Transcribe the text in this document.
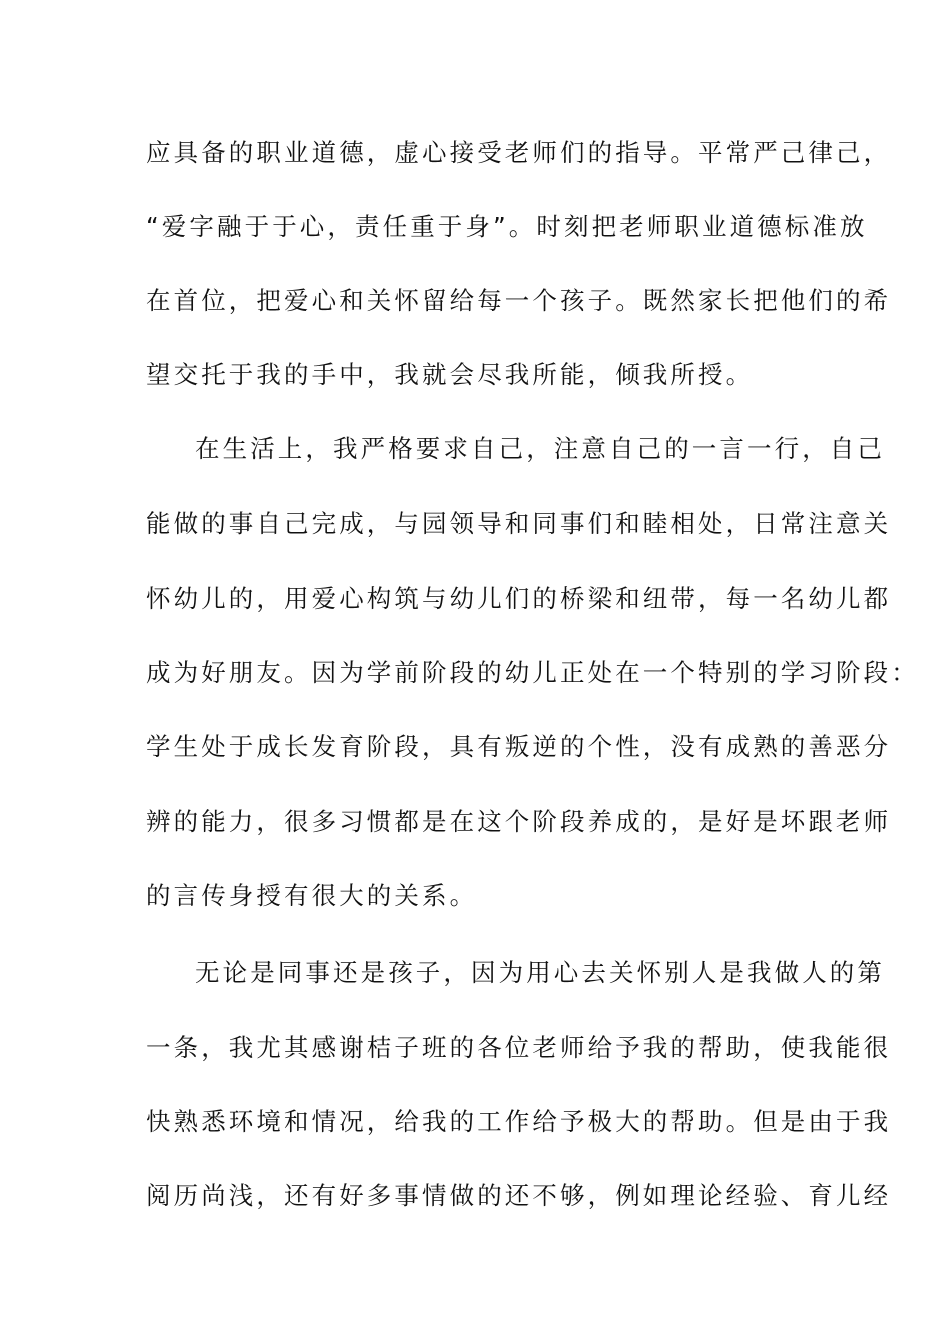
应具备的职业道德，虚心接受老师们的指导。平常严己律己，
“爱字融于于心，责任重于身”。时刻把老师职业道德标准放
在首位，把爱心和关怀留给每一个孩子。既然家长把他们的希
望交托于我的手中，我就会尽我所能，倾我所授。
在生活上，我严格要求自己，注意自己的一言一行，自己
能做的事自己完成，与园领导和同事们和睦相处，日常注意关
怀幼儿的，用爱心构筑与幼儿们的桥梁和纽带，每一名幼儿都
成为好朋友。因为学前阶段的幼儿正处在一个特别的学习阶段：
学生处于成长发育阶段，具有叛逆的个性，没有成熟的善恶分
辨的能力，很多习惯都是在这个阶段养成的，是好是坏跟老师
的言传身授有很大的关系。
无论是同事还是孩子，因为用心去关怀别人是我做人的第
一条，我尤其感谢桔子班的各位老师给予我的帮助，使我能很
快熟悉环境和情况，给我的工作给予极大的帮助。但是由于我
阅历尚浅，还有好多事情做的还不够，例如理论经验、育儿经
